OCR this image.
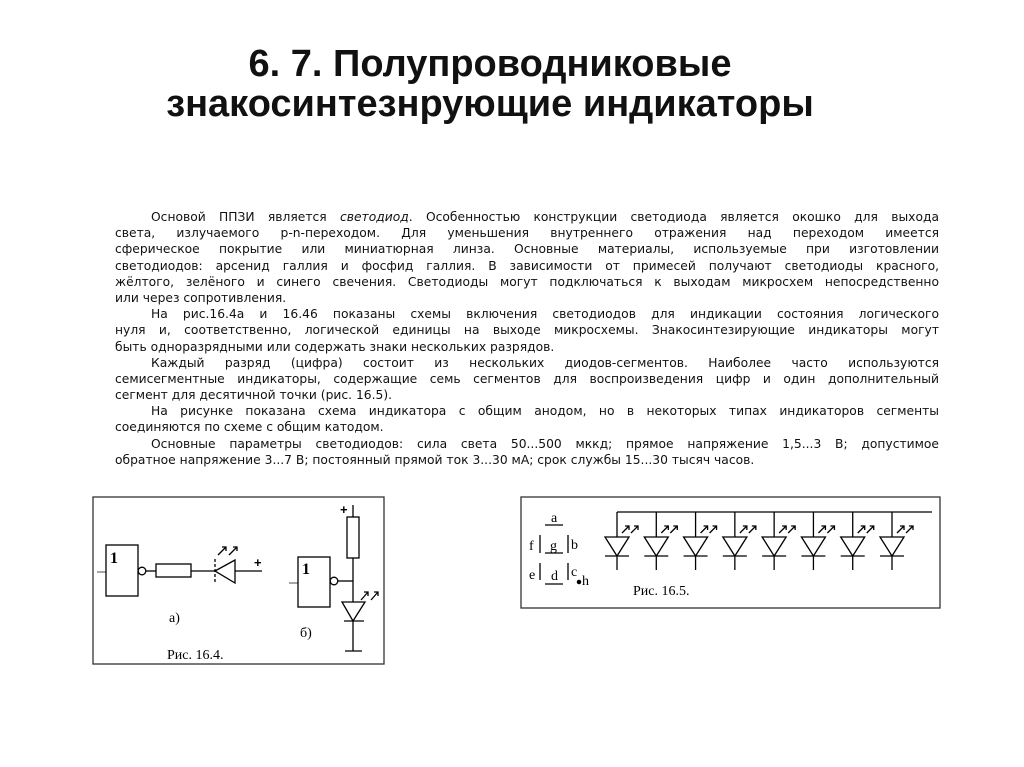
6. 7. Полупроводниковые
знакосинтезнрующие индикаторы
Основой ППЗИ является светодиод. Особенностью конструкции светодиода является окошко для выхода
света, излучаемого p-n-переходом. Для уменьшения внутреннего отражения над переходом имеется
сферическое покрытие или миниатюрная линза. Основные материалы, используемые при изготовлении
светодиодов: арсенид галлия и фосфид галлия. В зависимости от примесей получают светодиоды красного,
жёлтого, зелёного и синего свечения. Светодиоды могут подключаться к выходам микросхем непосредственно
или через сопротивления.
На рис.16.4а и 16.46 показаны схемы включения светодиодов для индикации состояния логического
нуля и, соответственно, логической единицы на выходе микросхемы. Знакосинтезирующие индикаторы могут
быть одноразрядными или содержать знаки нескольких разрядов.
Каждый разряд (цифра) состоит из нескольких диодов-сегментов. Наиболее часто используются
семисегментные индикаторы, содержащие семь сегментов для воспроизведения цифр и один дополнительный
сегмент для десятичной точки (рис. 16.5).
На рисунке показана схема индикатора с общим анодом, но в некоторых типах индикаторов сегменты
соединяются по схеме с общим катодом.
Основные параметры светодиодов: сила света 50...500 мккд; прямое напряжение 1,5...3 В; допустимое
обратное напряжение 3...7 В; постоянный прямой ток 3...30 мА; срок службы 15...30 тысяч часов.
1
1
+
+
а)
б)
Рис. 16.4.
a
f g b
e d c
h
Рис. 16.5.
